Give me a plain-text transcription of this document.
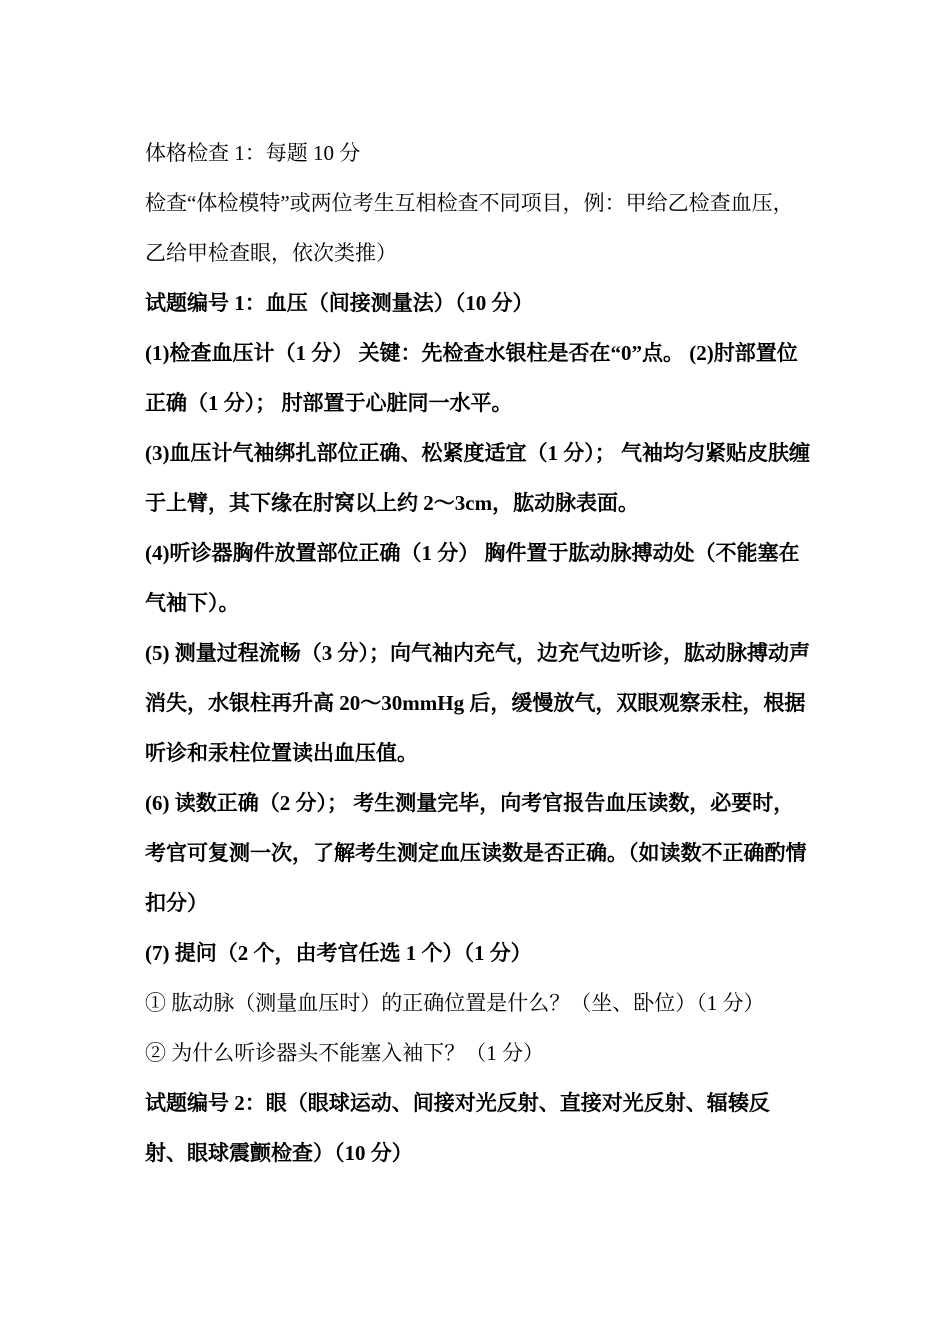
体格检查 1：每题 10 分

检查“体检模特”或两位考生互相检查不同项目，例：甲给乙检查血压，乙给甲检查眼，依次类推）

试题编号 1：血压（间接测量法）（10 分）

(1)检查血压计（1 分） 关键：先检查水银柱是否在“0”点。 (2)肘部置位正确（1 分）； 肘部置于心脏同一水平。

(3)血压计气袖绑扎部位正确、松紧度适宜（1 分）； 气袖均匀紧贴皮肤缠于上臂，其下缘在肘窝以上约 2～3cm，肱动脉表面。

(4)听诊器胸件放置部位正确（1 分） 胸件置于肱动脉搏动处（不能塞在气袖下）。

(5) 测量过程流畅（3 分）；向气袖内充气，边充气边听诊，肱动脉搏动声消失，水银柱再升高 20～30mmHg 后，缓慢放气，双眼观察汞柱，根据听诊和汞柱位置读出血压值。

(6) 读数正确（2 分）； 考生测量完毕，向考官报告血压读数，必要时，考官可复测一次，了解考生测定血压读数是否正确。（如读数不正确酌情扣分）

(7) 提问（2 个，由考官任选 1 个）（1 分）

① 肱动脉（测量血压时）的正确位置是什么？（坐、卧位）（1 分）

② 为什么听诊器头不能塞入袖下？（1 分）

试题编号 2：眼（眼球运动、间接对光反射、直接对光反射、辐辏反射、眼球震颤检查）（10 分）
